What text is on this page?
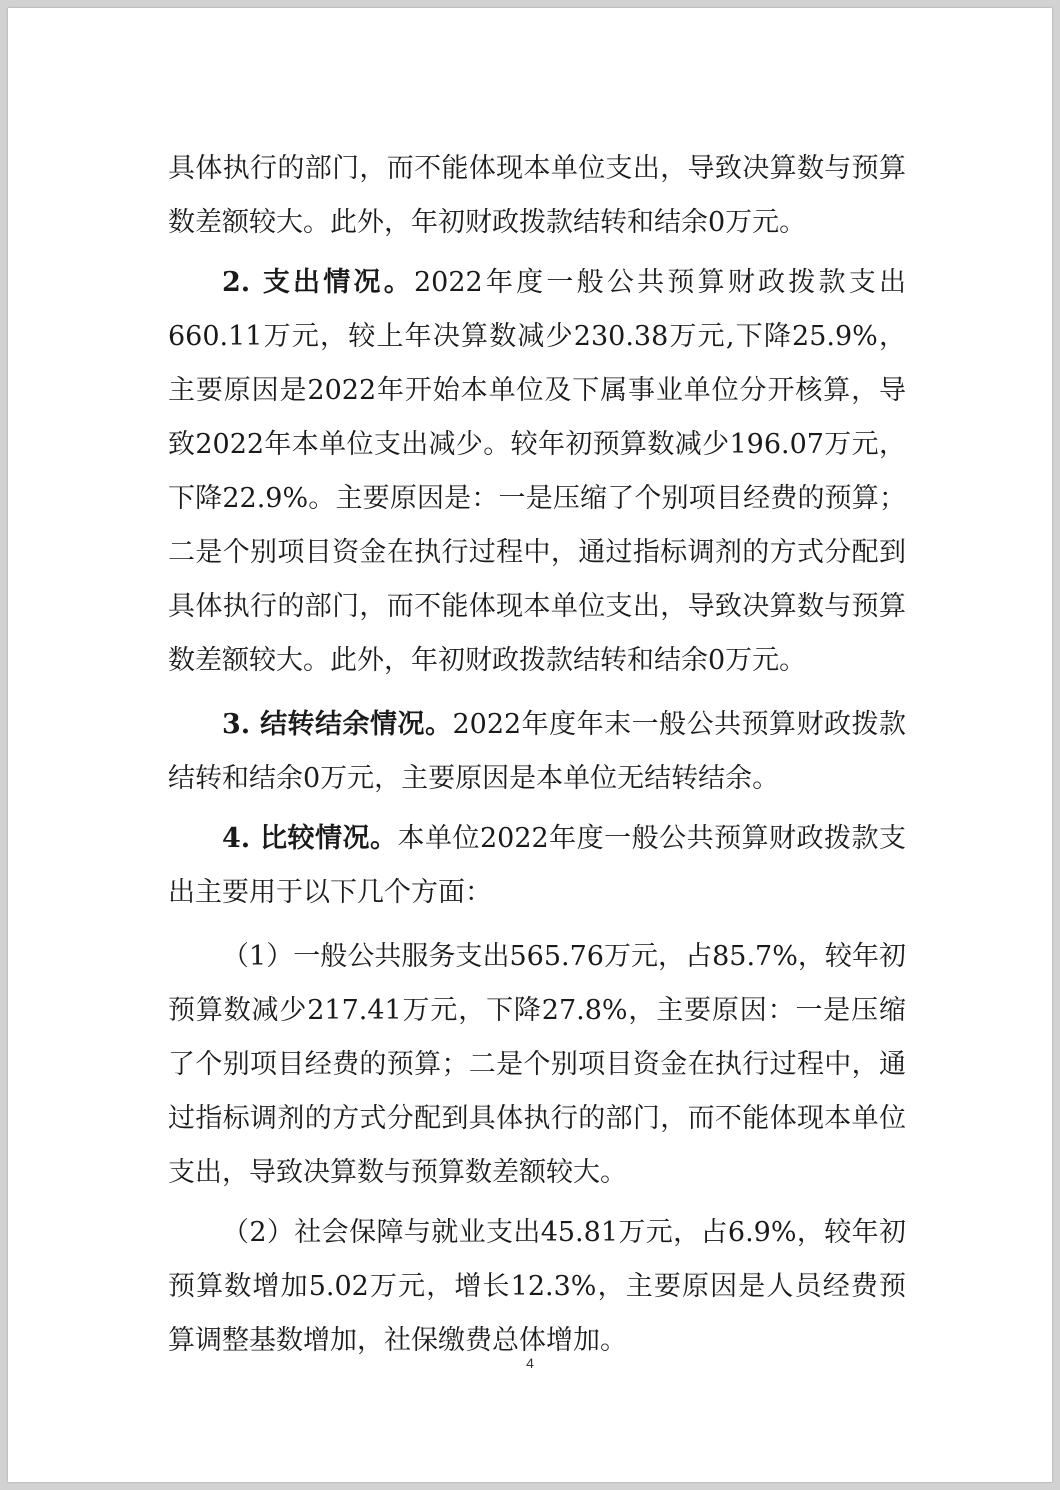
具体执行的部门，而不能体现本单位支出，导致决算数与预算数差额较大。此外，年初财政拨款结转和结余0万元。

2. 支出情况。2022年度一般公共预算财政拨款支出660.11万元，较上年决算数减少230.38万元,下降25.9%，主要原因是2022年开始本单位及下属事业单位分开核算，导致2022年本单位支出减少。较年初预算数减少196.07万元，下降22.9%。主要原因是：一是压缩了个别项目经费的预算；二是个别项目资金在执行过程中，通过指标调剂的方式分配到具体执行的部门，而不能体现本单位支出，导致决算数与预算数差额较大。此外，年初财政拨款结转和结余0万元。

3. 结转结余情况。2022年度年末一般公共预算财政拨款结转和结余0万元，主要原因是本单位无结转结余。

4. 比较情况。本单位2022年度一般公共预算财政拨款支出主要用于以下几个方面：

（1）一般公共服务支出565.76万元，占85.7%，较年初预算数减少217.41万元，下降27.8%，主要原因：一是压缩了个别项目经费的预算；二是个别项目资金在执行过程中，通过指标调剂的方式分配到具体执行的部门，而不能体现本单位支出，导致决算数与预算数差额较大。

（2）社会保障与就业支出45.81万元，占6.9%，较年初预算数增加5.02万元，增长12.3%，主要原因是人员经费预算调整基数增加，社保缴费总体增加。

4
